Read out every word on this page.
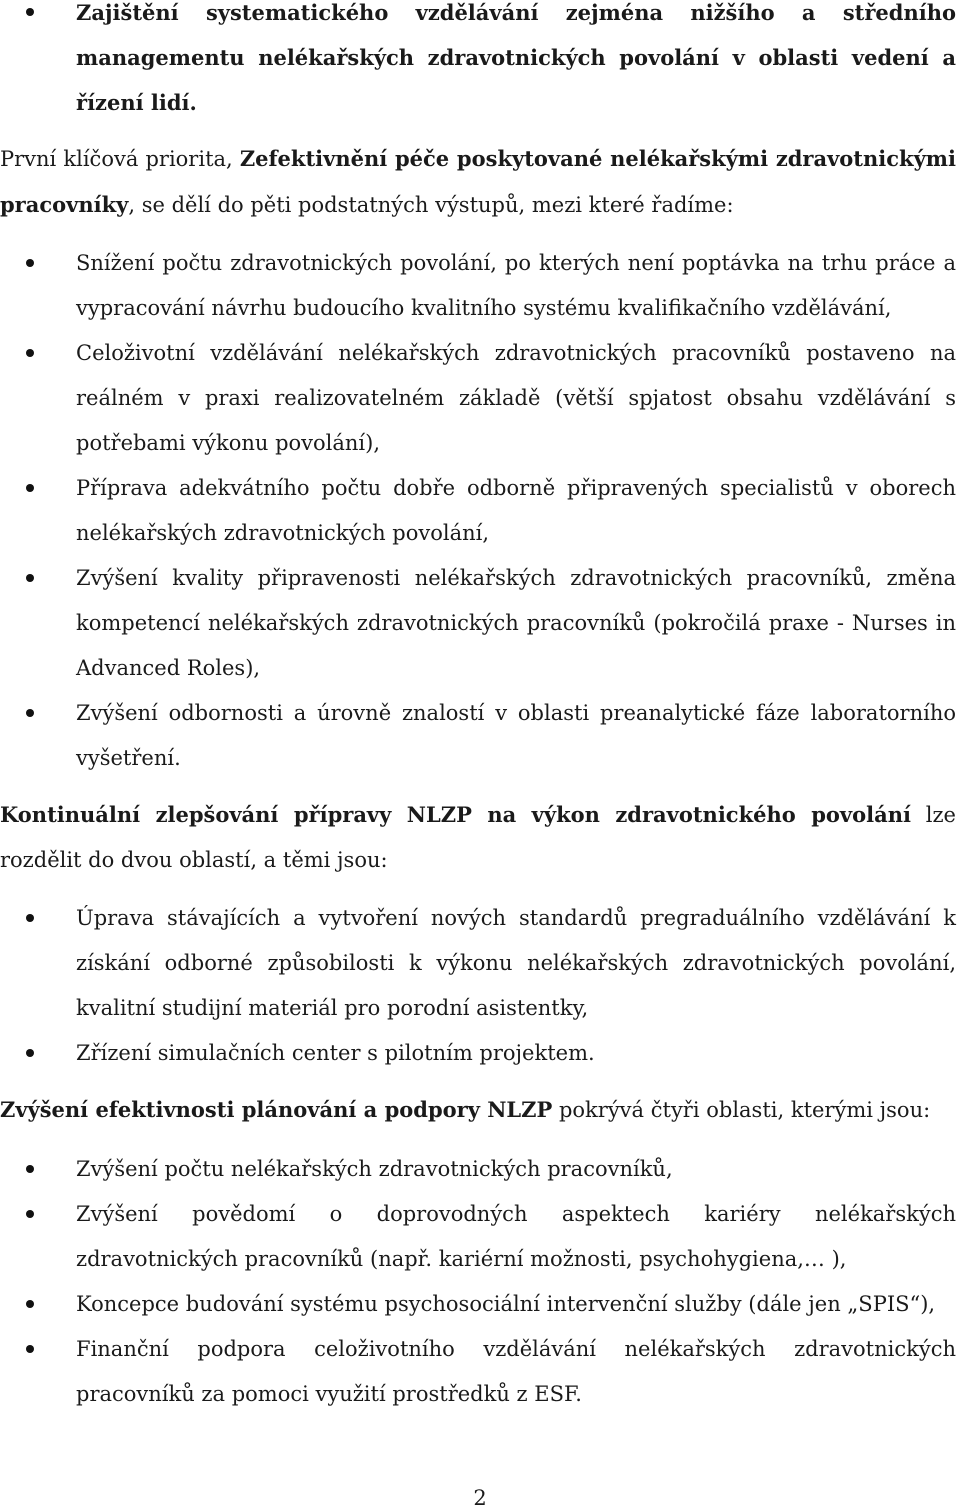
Zajištění systematického vzdělávání zejména nižšího a středního managementu nelékařských zdravotnických povolání v oblasti vedení a řízení lidí.

První klíčová priorita, Zefektivnění péče poskytované nelékařskými zdravotnickými pracovníky, se dělí do pěti podstatných výstupů, mezi které řadíme:

Snížení počtu zdravotnických povolání, po kterých není poptávka na trhu práce a vypracování návrhu budoucího kvalitního systému kvalifikačního vzdělávání,
Celoživotní vzdělávání nelékařských zdravotnických pracovníků postaveno na reálném v praxi realizovatelném základě (větší spjatost obsahu vzdělávání s potřebami výkonu povolání),
Příprava adekvátního počtu dobře odborně připravených specialistů v oborech nelékařských zdravotnických povolání,
Zvýšení kvality připravenosti nelékařských zdravotnických pracovníků, změna kompetencí nelékařských zdravotnických pracovníků (pokročilá praxe - Nurses in Advanced Roles),
Zvýšení odbornosti a úrovně znalostí v oblasti preanalytické fáze laboratorního vyšetření.

Kontinuální zlepšování přípravy NLZP na výkon zdravotnického povolání lze rozdělit do dvou oblastí, a těmi jsou:

Úprava stávajících a vytvoření nových standardů pregraduálního vzdělávání k získání odborné způsobilosti k výkonu nelékařských zdravotnických povolání, kvalitní studijní materiál pro porodní asistentky,
Zřízení simulačních center s pilotním projektem.

Zvýšení efektivnosti plánování a podpory NLZP pokrývá čtyři oblasti, kterými jsou:

Zvýšení počtu nelékařských zdravotnických pracovníků,
Zvýšení povědomí o doprovodných aspektech kariéry nelékařských zdravotnických pracovníků (např. kariérní možnosti, psychohygiena,… ),
Koncepce budování systému psychosociální intervenční služby (dále jen „SPIS“),
Finanční podpora celoživotního vzdělávání nelékařských zdravotnických pracovníků za pomoci využití prostředků z ESF.
2
